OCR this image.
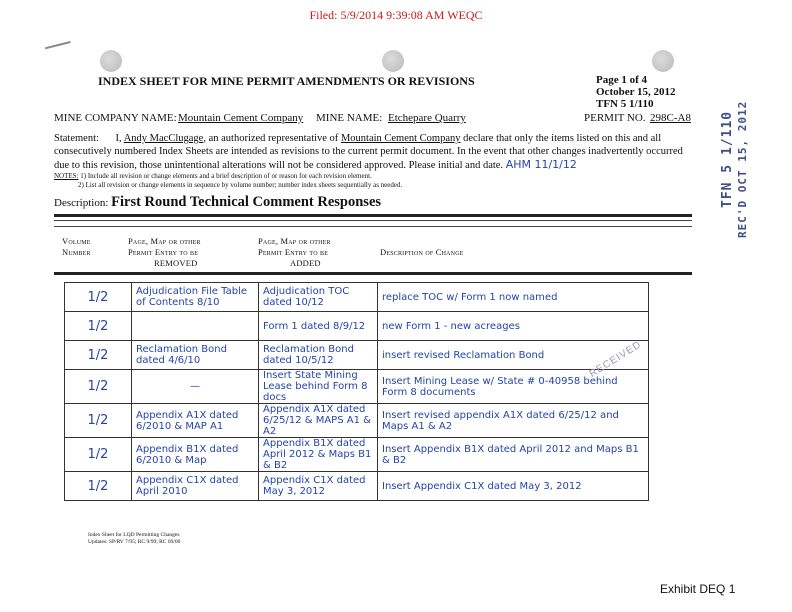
Filed: 5/9/2014 9:39:08 AM WEQC
INDEX SHEET FOR MINE PERMIT AMENDMENTS OR REVISIONS	Page 1 of 4
October 15, 2012
TFN 5 1/110
TFN 5 1/110 REC'D OCT 15, 2012
MINE COMPANY NAME: Mountain Cement Company MINE NAME: Etchepare Quarry	PERMIT NO. 298C-A8
Statement: I, Andy MacClugage, an authorized representative of Mountain Cement Company declare that only the items listed on this and all consecutively numbered Index Sheets are intended as revisions to the current permit document. In the event that other changes inadvertently occurred due to this revision, those unintentional alterations will not be considered approved. Please initial and date. AHM 11/1/12
NOTES: 1) Include all revision or change elements and a brief description of or reason for each revision element.
2) List all revision or change elements in sequence by volume number; number index sheets sequentially as needed.
Description: First Round Technical Comment Responses
Volume
Number
Page, Map or other
Permit Entry to be
REMOVED
Page, Map or other
Permit Entry to be
ADDED
Description of Change
1/2	Adjudication File Table of Contents 8/10	Adjudication TOC dated 10/12	replace TOC w/ Form 1 now named
1/2		Form 1 dated 8/9/12	new Form 1 - new acreages
1/2	Reclamation Bond dated 4/6/10	Reclamation Bond dated 10/5/12	insert revised Reclamation Bond
1/2	—	Insert State Mining Lease behind Form 8 docs	Insert Mining Lease w/ State # 0-40958 behind Form 8 documents
1/2	Appendix A1X dated 6/2010 & MAP A1	Appendix A1X dated 6/25/12 & MAPS A1 & A2	Insert revised appendix A1X dated 6/25/12 and Maps A1 & A2
1/2	Appendix B1X dated 6/2010 & Map	Appendix B1X dated April 2012 & Maps B1 & B2	Insert Appendix B1X dated April 2012 and Maps B1 & B2
1/2	Appendix C1X dated April 2010	Appendix C1X dated May 3, 2012	Insert Appendix C1X dated May 3, 2012
RECEIVED
Index Sheet for LQD Permitting Changes
Updates: SP/RV 7/95; RC 9/99; RC 09/00
Exhibit DEQ 1
